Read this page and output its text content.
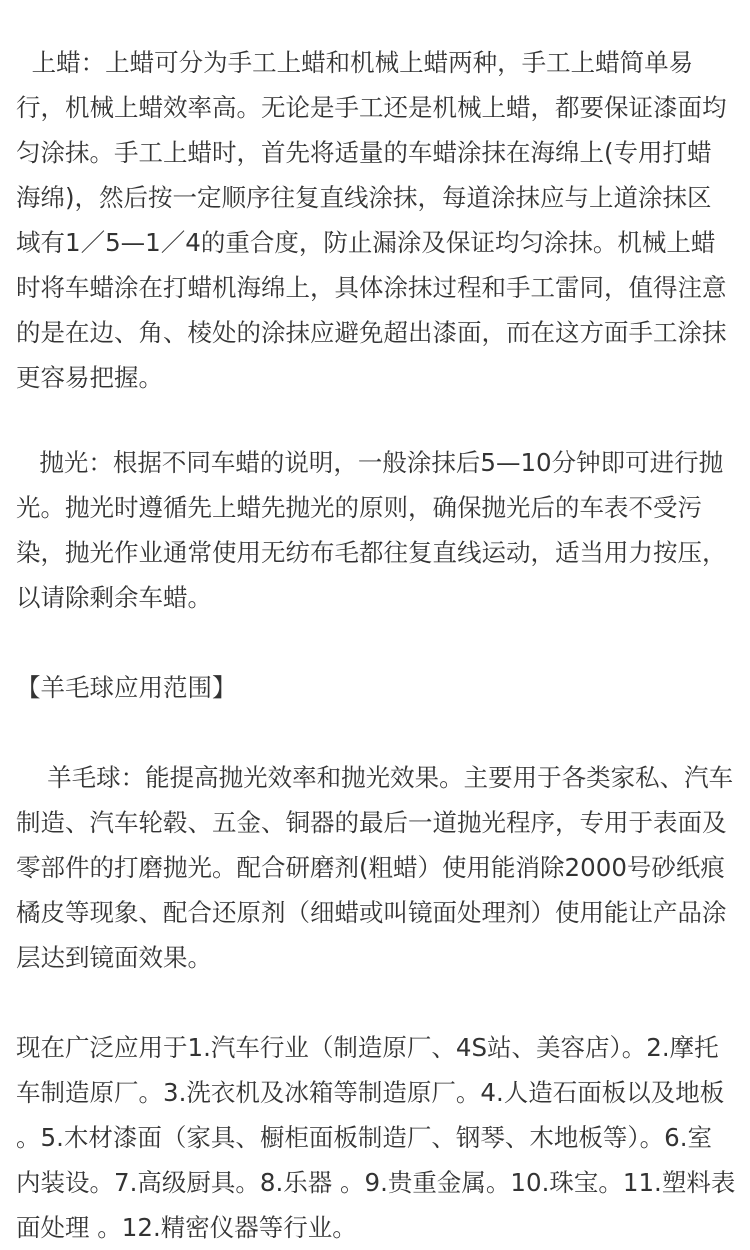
上蜡：上蜡可分为手工上蜡和机械上蜡两种，手工上蜡简单易行，机械上蜡效率高。无论是手工还是机械上蜡，都要保证漆面均匀涂抹。手工上蜡时，首先将适量的车蜡涂抹在海绵上(专用打蜡海绵)，然后按一定顺序往复直线涂抹，每道涂抹应与上道涂抹区域有1／5—1／4的重合度，防止漏涂及保证均匀涂抹。机械上蜡时将车蜡涂在打蜡机海绵上，具体涂抹过程和手工雷同，值得注意的是在边、角、棱处的涂抹应避免超出漆面，而在这方面手工涂抹更容易把握。

抛光：根据不同车蜡的说明，一般涂抹后5—10分钟即可进行抛光。抛光时遵循先上蜡先抛光的原则，确保抛光后的车表不受污染，抛光作业通常使用无纺布毛都往复直线运动，适当用力按压，以请除剩余车蜡。

【羊毛球应用范围】

羊毛球：能提高抛光效率和抛光效果。主要用于各类家私、汽车制造、汽车轮毂、五金、铜器的最后一道抛光程序，专用于表面及零部件的打磨抛光。配合研磨剂(粗蜡）使用能消除2000号砂纸痕 橘皮等现象、配合还原剂（细蜡或叫镜面处理剂）使用能让产品涂层达到镜面效果。

现在广泛应用于1.汽车行业（制造原厂、4S站、美容店）。2.摩托车制造原厂。3.洗衣机及冰箱等制造原厂。4.人造石面板以及地板 。5.木材漆面（家具、橱柜面板制造厂、钢琴、木地板等）。6.室内装设。7.高级厨具。8.乐器 。9.贵重金属。10.珠宝。11.塑料表面处理 。12.精密仪器等行业。
